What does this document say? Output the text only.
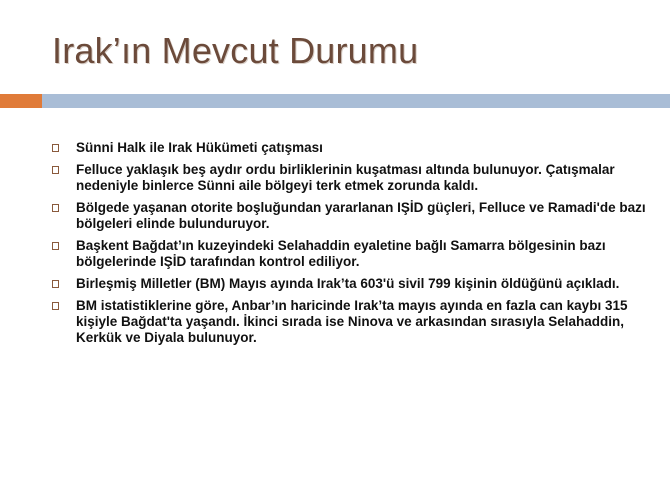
Irak’ın Mevcut Durumu
Sünni Halk ile Irak Hükümeti çatışması
Felluce yaklaşık beş aydır ordu birliklerinin kuşatması altında bulunuyor. Çatışmalar nedeniyle binlerce Sünni aile bölgeyi terk etmek zorunda kaldı.
Bölgede yaşanan otorite boşluğundan yararlanan IŞİD güçleri, Felluce ve Ramadi'de bazı bölgeleri elinde bulunduruyor.
Başkent Bağdat’ın kuzeyindeki Selahaddin eyaletine bağlı Samarra bölgesinin bazı bölgelerinde IŞİD tarafından kontrol ediliyor.
Birleşmiş Milletler (BM) Mayıs ayında Irak’ta 603'ü sivil 799 kişinin öldüğünü açıkladı.
BM istatistiklerine göre, Anbar’ın haricinde Irak’ta mayıs ayında en fazla can kaybı 315 kişiyle Bağdat'ta yaşandı. İkinci sırada ise Ninova ve arkasından sırasıyla Selahaddin, Kerkük ve Diyala bulunuyor.
